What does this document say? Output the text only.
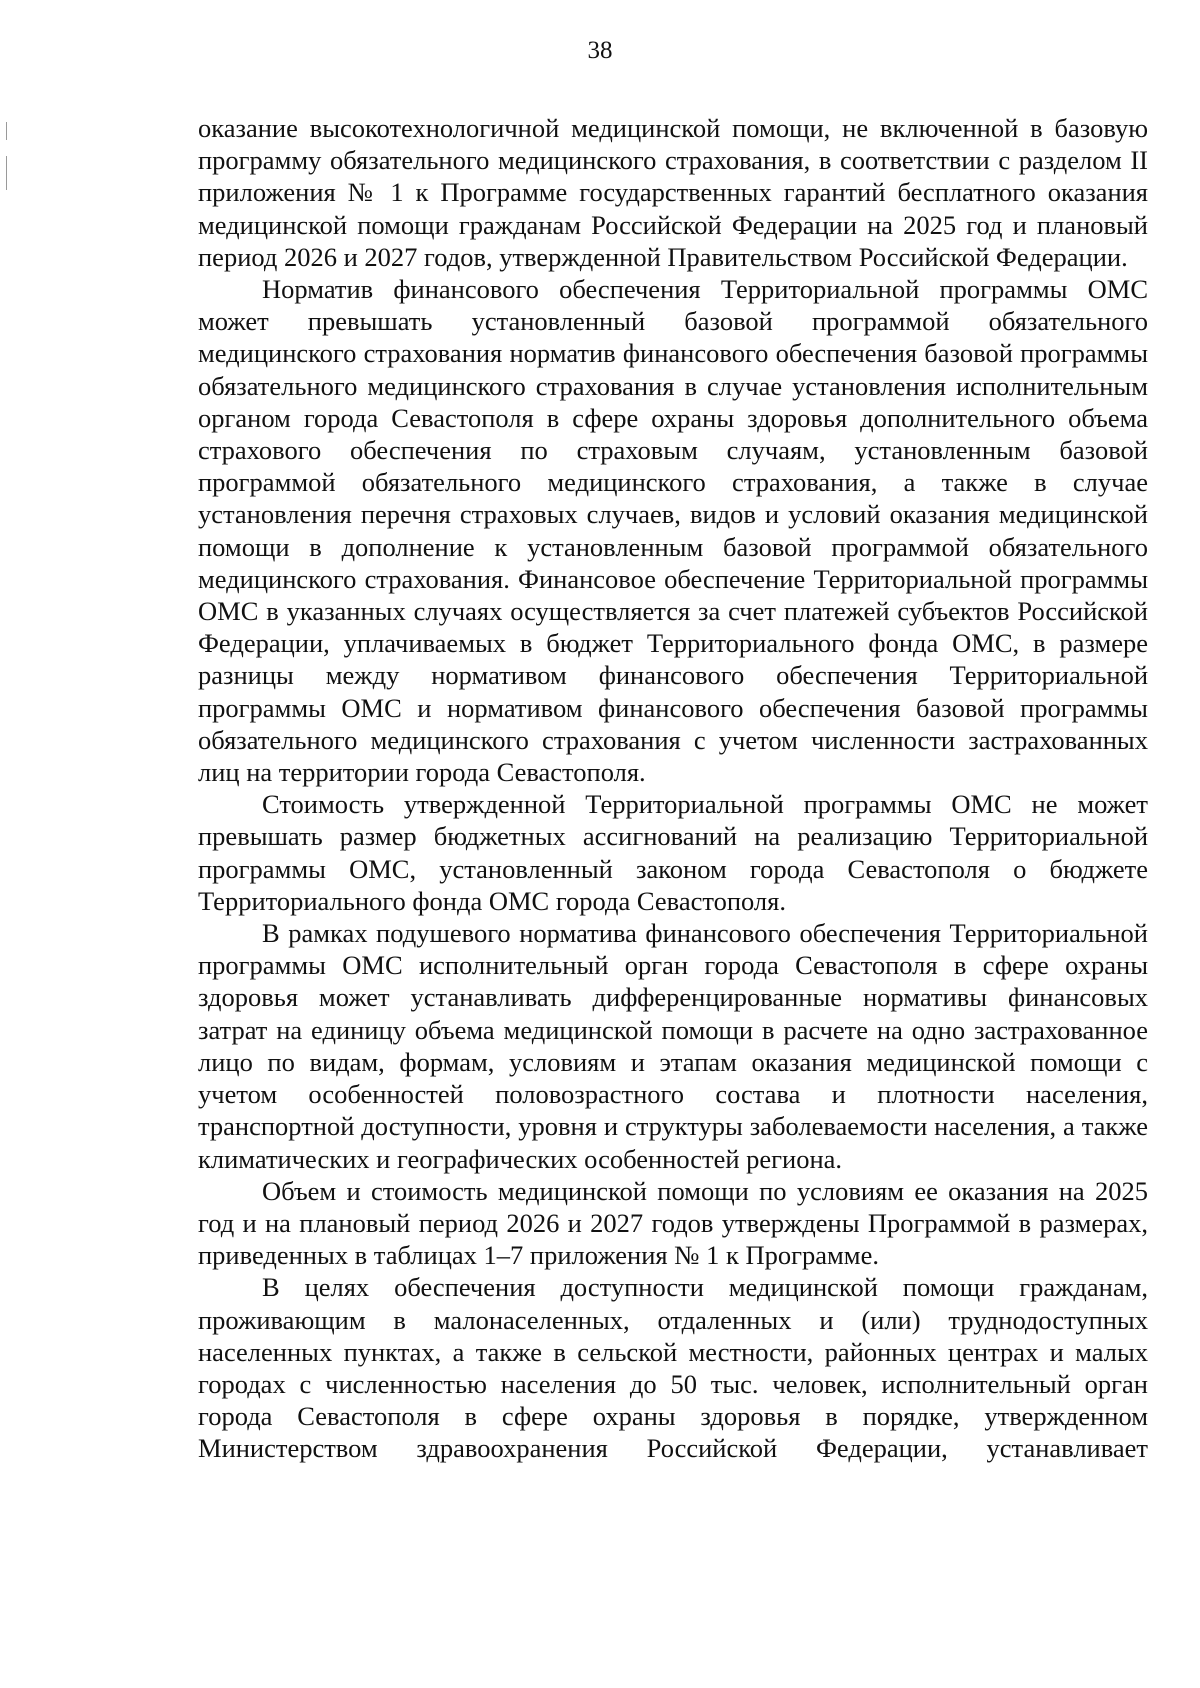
38

оказание высокотехнологичной медицинской помощи, не включенной в базовую программу обязательного медицинского страхования, в соответствии с разделом II приложения № 1 к Программе государственных гарантий бесплатного оказания медицинской помощи гражданам Российской Федерации на 2025 год и плановый период 2026 и 2027 годов, утвержденной Правительством Российской Федерации.

Норматив финансового обеспечения Территориальной программы ОМС может превышать установленный базовой программой обязательного медицинского страхования норматив финансового обеспечения базовой программы обязательного медицинского страхования в случае установления исполнительным органом города Севастополя в сфере охраны здоровья дополнительного объема страхового обеспечения по страховым случаям, установленным базовой программой обязательного медицинского страхования, а также в случае установления перечня страховых случаев, видов и условий оказания медицинской помощи в дополнение к установленным базовой программой обязательного медицинского страхования. Финансовое обеспечение Территориальной программы ОМС в указанных случаях осуществляется за счет платежей субъектов Российской Федерации, уплачиваемых в бюджет Территориального фонда ОМС, в размере разницы между нормативом финансового обеспечения Территориальной программы ОМС и нормативом финансового обеспечения базовой программы обязательного медицинского страхования с учетом численности застрахованных лиц на территории города Севастополя.

Стоимость утвержденной Территориальной программы ОМС не может превышать размер бюджетных ассигнований на реализацию Территориальной программы ОМС, установленный законом города Севастополя о бюджете Территориального фонда ОМС города Севастополя.

В рамках подушевого норматива финансового обеспечения Территориальной программы ОМС исполнительный орган города Севастополя в сфере охраны здоровья может устанавливать дифференцированные нормативы финансовых затрат на единицу объема медицинской помощи в расчете на одно застрахованное лицо по видам, формам, условиям и этапам оказания медицинской помощи с учетом особенностей половозрастного состава и плотности населения, транспортной доступности, уровня и структуры заболеваемости населения, а также климатических и географических особенностей региона.

Объем и стоимость медицинской помощи по условиям ее оказания на 2025 год и на плановый период 2026 и 2027 годов утверждены Программой в размерах, приведенных в таблицах 1–7 приложения № 1 к Программе.

В целях обеспечения доступности медицинской помощи гражданам, проживающим в малонаселенных, отдаленных и (или) труднодоступных населенных пунктах, а также в сельской местности, районных центрах и малых городах с численностью населения до 50 тыс. человек, исполнительный орган города Севастополя в сфере охраны здоровья в порядке, утвержденном Министерством здравоохранения Российской Федерации, устанавливает
